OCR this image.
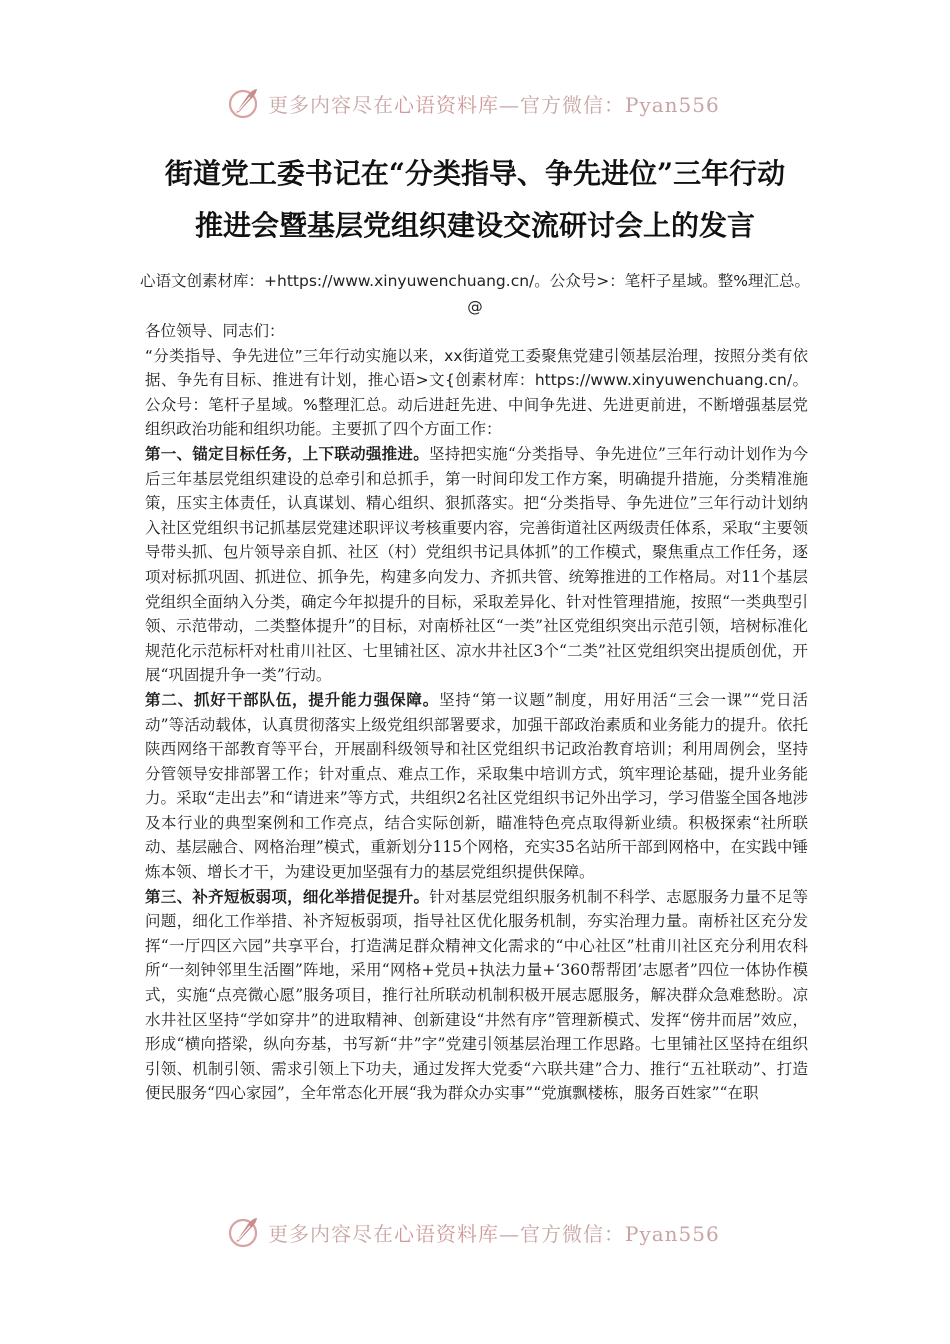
更多内容尽在心语资料库—官方微信：Pyan556
街道党工委书记在“分类指导、争先进位”三年行动
推进会暨基层党组织建设交流研讨会上的发言
心语文创素材库：+https://www.xinyuwenchuang.cn/。公众号>：笔杆子星域。整%理汇总。@

各位领导、同志们：

“分类指导、争先进位”三年行动实施以来，xx街道党工委聚焦党建引领基层治理，按照分类有依据、争先有目标、推进有计划，推心语>文{创素材库：https://www.xinyuwenchuang.cn/。公众号：笔杆子星域。%整理汇总。动后进赶先进、中间争先进、先进更前进，不断增强基层党组织政治功能和组织功能。主要抓了四个方面工作：

第一、锚定目标任务，上下联动强推进。坚持把实施“分类指导、争先进位”三年行动计划作为今后三年基层党组织建设的总牵引和总抓手，第一时间印发工作方案，明确提升措施，分类精准施策，压实主体责任，认真谋划、精心组织、狠抓落实。把“分类指导、争先进位”三年行动计划纳入社区党组织书记抓基层党建述职评议考核重要内容，完善街道社区两级责任体系，采取“主要领导带头抓、包片领导亲自抓、社区（村）党组织书记具体抓”的工作模式，聚焦重点工作任务，逐项对标抓巩固、抓进位、抓争先，构建多向发力、齐抓共管、统筹推进的工作格局。对11个基层党组织全面纳入分类，确定今年拟提升的目标，采取差异化、针对性管理措施，按照“一类典型引领、示范带动，二类整体提升”的目标，对南桥社区“一类”社区党组织突出示范引领，培树标准化规范化示范标杆对杜甫川社区、七里铺社区、凉水井社区3个“二类”社区党组织突出提质创优，开展“巩固提升争一类”行动。

第二、抓好干部队伍，提升能力强保障。坚持“第一议题”制度，用好用活“三会一课”“党日活动”等活动载体，认真贯彻落实上级党组织部署要求，加强干部政治素质和业务能力的提升。依托陕西网络干部教育等平台，开展副科级领导和社区党组织书记政治教育培训；利用周例会，坚持分管领导安排部署工作；针对重点、难点工作，采取集中培训方式，筑牢理论基础，提升业务能力。采取“走出去”和“请进来”等方式，共组织2名社区党组织书记外出学习，学习借鉴全国各地涉及本行业的典型案例和工作亮点，结合实际创新，瞄准特色亮点取得新业绩。积极探索“社所联动、基层融合、网格治理”模式，重新划分115个网格，充实35名站所干部到网格中，在实践中锤炼本领、增长才干，为建设更加坚强有力的基层党组织提供保障。

第三、补齐短板弱项，细化举措促提升。针对基层党组织服务机制不科学、志愿服务力量不足等问题，细化工作举措、补齐短板弱项，指导社区优化服务机制，夯实治理力量。南桥社区充分发挥“一厅四区六园”共享平台，打造满足群众精神文化需求的“中心社区”杜甫川社区充分利用农科所“一刻钟邻里生活圈”阵地，采用“网格+党员+执法力量+‘360帮帮团’志愿者”四位一体协作模式，实施“点亮微心愿”服务项目，推行社所联动机制积极开展志愿服务，解决群众急难愁盼。凉水井社区坚持“学如穿井”的进取精神、创新建设“井然有序”管理新模式、发挥“傍井而居”效应，形成“横向搭梁，纵向夯基，书写新“井”字”党建引领基层治理工作思路。七里铺社区坚持在组织引领、机制引领、需求引领上下功夫，通过发挥大党委“六联共建”合力、推行“五社联动”、打造便民服务“四心家园”，全年常态化开展“我为群众办实事”“党旗飘楼栋，服务百姓家”“在职

更多内容尽在心语资料库—官方微信：Pyan556
